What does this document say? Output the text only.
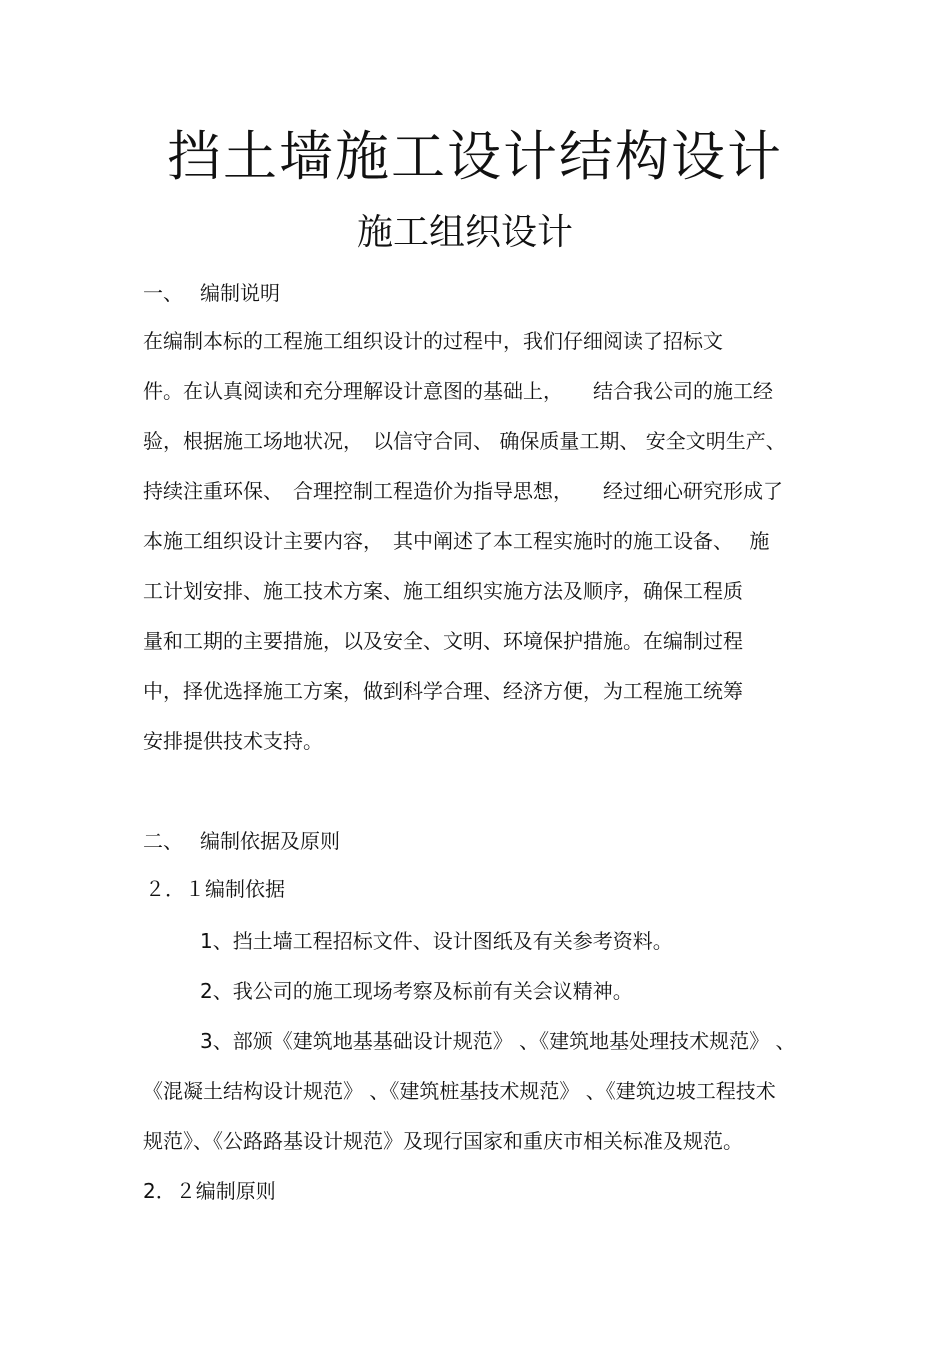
挡土墙施工设计结构设计
施工组织设计
一、 编制说明
在编制本标的工程施工组织设计的过程中，我们仔细阅读了招标文
件。在认真阅读和充分理解设计意图的基础上，　　结合我公司的施工经
验，根据施工场地状况，　以信守合同、 确保质量工期、 安全文明生产、
持续注重环保、　合理控制工程造价为指导思想，　　经过细心研究形成了
本施工组织设计主要内容，　其中阐述了本工程实施时的施工设备、　 施
工计划安排、施工技术方案、施工组织实施方法及顺序，确保工程质
量和工期的主要措施，以及安全、文明、环境保护措施。在编制过程
中，择优选择施工方案，做到科学合理、经济方便，为工程施工统筹
安排提供技术支持。
二、 编制依据及原则
２．１编制依据
1、挡土墙工程招标文件、设计图纸及有关参考资料。
2、我公司的施工现场考察及标前有关会议精神。
3、部颁《建筑地基基础设计规范》 、《建筑地基处理技术规范》 、
《混凝土结构设计规范》 、《建筑桩基技术规范》 、《建筑边坡工程技术
规范》、《公路路基设计规范》及现行国家和重庆市相关标准及规范。
2．２编制原则
